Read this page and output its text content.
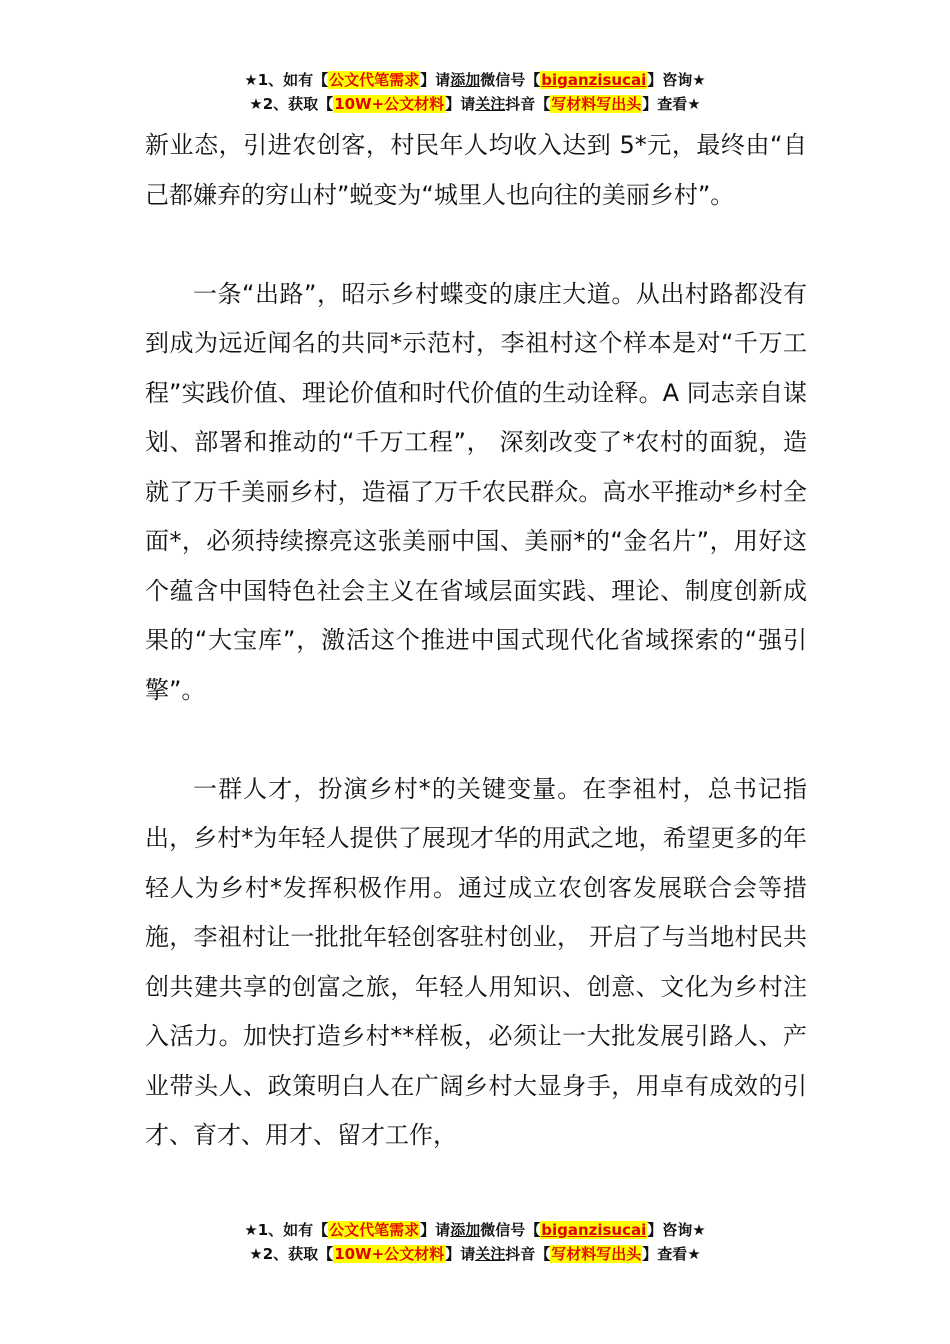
★1、如有【公文代笔需求】请添加微信号【biganzisucai】咨询★
★2、获取【10W+公文材料】请关注抖音【写材料写出头】查看★

新业态，引进农创客，村民年人均收入达到 5*元，最终由“自己都嫌弃的穷山村”蜕变为“城里人也向往的美丽乡村”。

一条“出路”，昭示乡村蝶变的康庄大道。从出村路都没有到成为远近闻名的共同*示范村，李祖村这个样本是对“千万工程”实践价值、理论价值和时代价值的生动诠释。A 同志亲自谋划、部署和推动的“千万工程”， 深刻改变了*农村的面貌，造就了万千美丽乡村，造福了万千农民群众。高水平推动*乡村全面*，必须持续擦亮这张美丽中国、美丽*的“金名片”，用好这个蕴含中国特色社会主义在省域层面实践、理论、制度创新成果的“大宝库”，激活这个推进中国式现代化省域探索的“强引擎”。

一群人才，扮演乡村*的关键变量。在李祖村，总书记指出，乡村*为年轻人提供了展现才华的用武之地，希望更多的年轻人为乡村*发挥积极作用。通过成立农创客发展联合会等措施，李祖村让一批批年轻创客驻村创业， 开启了与当地村民共创共建共享的创富之旅，年轻人用知识、创意、文化为乡村注入活力。加快打造乡村**样板，必须让一大批发展引路人、产业带头人、政策明白人在广阔乡村大显身手，用卓有成效的引才、育才、用才、留才工作，

★1、如有【公文代笔需求】请添加微信号【biganzisucai】咨询★
★2、获取【10W+公文材料】请关注抖音【写材料写出头】查看★
